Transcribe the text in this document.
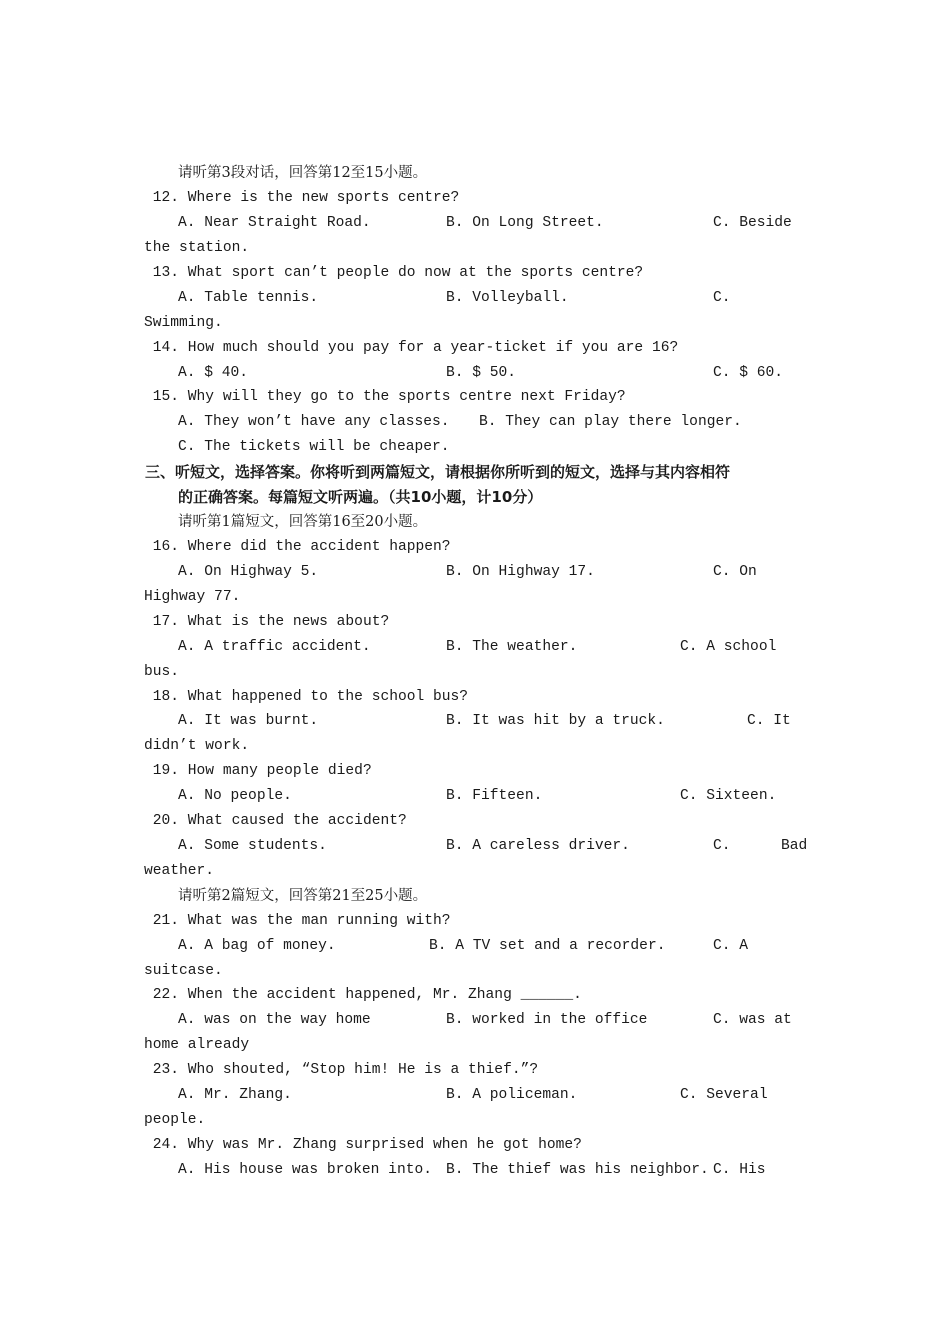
请听第3段对话，回答第12至15小题。
12. Where is the new sports centre?
A. Near Straight Road.	B. On Long Street.	C. Beside
the station.
13. What sport can’t people do now at the sports centre?
A. Table tennis.	B. Volleyball.	C.
Swimming.
14. How much should you pay for a year-ticket if you are 16?
A. $ 40.	B. $ 50.	C. $ 60.
15. Why will they go to the sports centre next Friday?
A. They won’t have any classes. B. They can play there longer.
C. The tickets will be cheaper.
三、听短文，选择答案。你将听到两篇短文，请根据你所听到的短文，选择与其内容相符
的正确答案。每篇短文听两遍。（共10小题，计10分）
请听第1篇短文，回答第16至20小题。
16. Where did the accident happen?
A. On Highway 5.	B. On Highway 17.	C. On
Highway 77.
17. What is the news about?
A. A traffic accident.	B. The weather.	C. A school
bus.
18. What happened to the school bus?
A. It was burnt.	B. It was hit by a truck.	C. It
didn’t work.
19. How many people died?
A. No people.	B. Fifteen.	C. Sixteen.
20. What caused the accident?
A. Some students.	B. A careless driver.	C.	Bad
weather.
请听第2篇短文，回答第21至25小题。
21. What was the man running with?
A. A bag of money.	B. A TV set and a recorder.	C. A
suitcase.
22. When the accident happened, Mr. Zhang ______.
A. was on the way home	B. worked in the office	C. was at
home already
23. Who shouted, “Stop him! He is a thief.”?
A. Mr. Zhang.	B. A policeman.	C. Several
people.
24. Why was Mr. Zhang surprised when he got home?
A. His house was broken into. B. The thief was his neighbor. C. His
